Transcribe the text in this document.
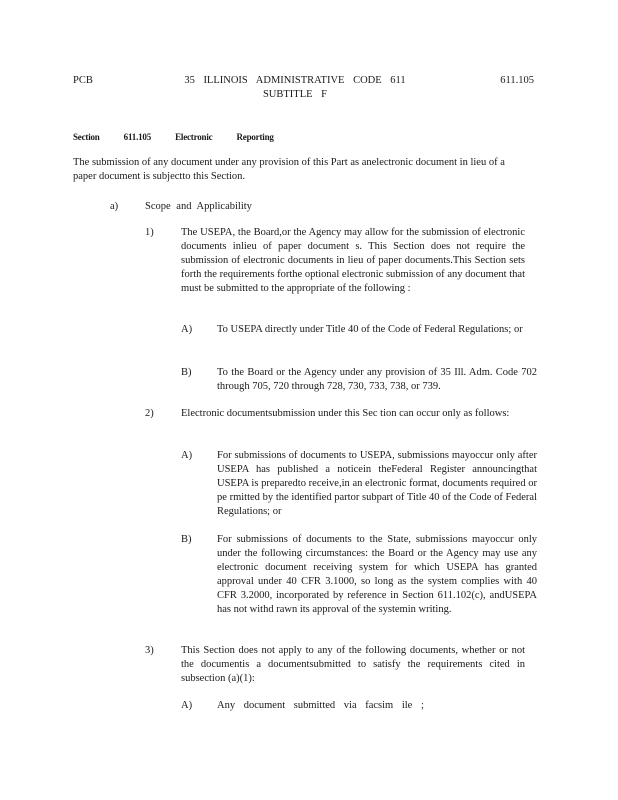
PCB	35 ILLINOIS ADMINISTRATIVE CODE 611
SUBTITLE F
611.105
Section	611.105	Electronic	Reporting
The submission of any document under any provision of this Part as anelectronic document in lieu of a paper document is subjectto this Section.
a)	Scope and Applicability
1)	The USEPA, the Board,or the Agency may allow for the submission of electronic documents inlieu of paper document s. This Section does not require the submission of electronic documents in lieu of paper documents.This Section sets forth the requirements forthe optional electronic submission of any document that must be submitted to the appropriate of the following :
A) To USEPA directly under Title 40 of the Code of Federal Regulations; or
B) To the Board or the Agency under any provision of 35 Ill. Adm. Code 702 through 705, 720 through 728, 730, 733, 738, or 739.
2)	Electronic documentsubmission under this Sec tion can occur only as follows:
A) For submissions of documents to USEPA, submissions mayoccur only after USEPA has published a noticein theFederal Register announcingthat USEPA is preparedto receive,in an electronic format, documents required or pe rmitted by the identified partor subpart of Title 40 of the Code of Federal Regulations; or
B) For submissions of documents to the State, submissions mayoccur only under the following circumstances: the Board or the Agency may use any electronic document receiving system for which USEPA has granted approval under 40 CFR 3.1000, so long as the system complies with 40 CFR 3.2000, incorporated by reference in Section 611.102(c), andUSEPA has not withd rawn its approval of the systemin writing.
3)	This Section does not apply to any of the following documents, whether or not the documentis a documentsubmitted to satisfy the requirements cited in subsection (a)(1):
A) Any document submitted via facsim ile ;
